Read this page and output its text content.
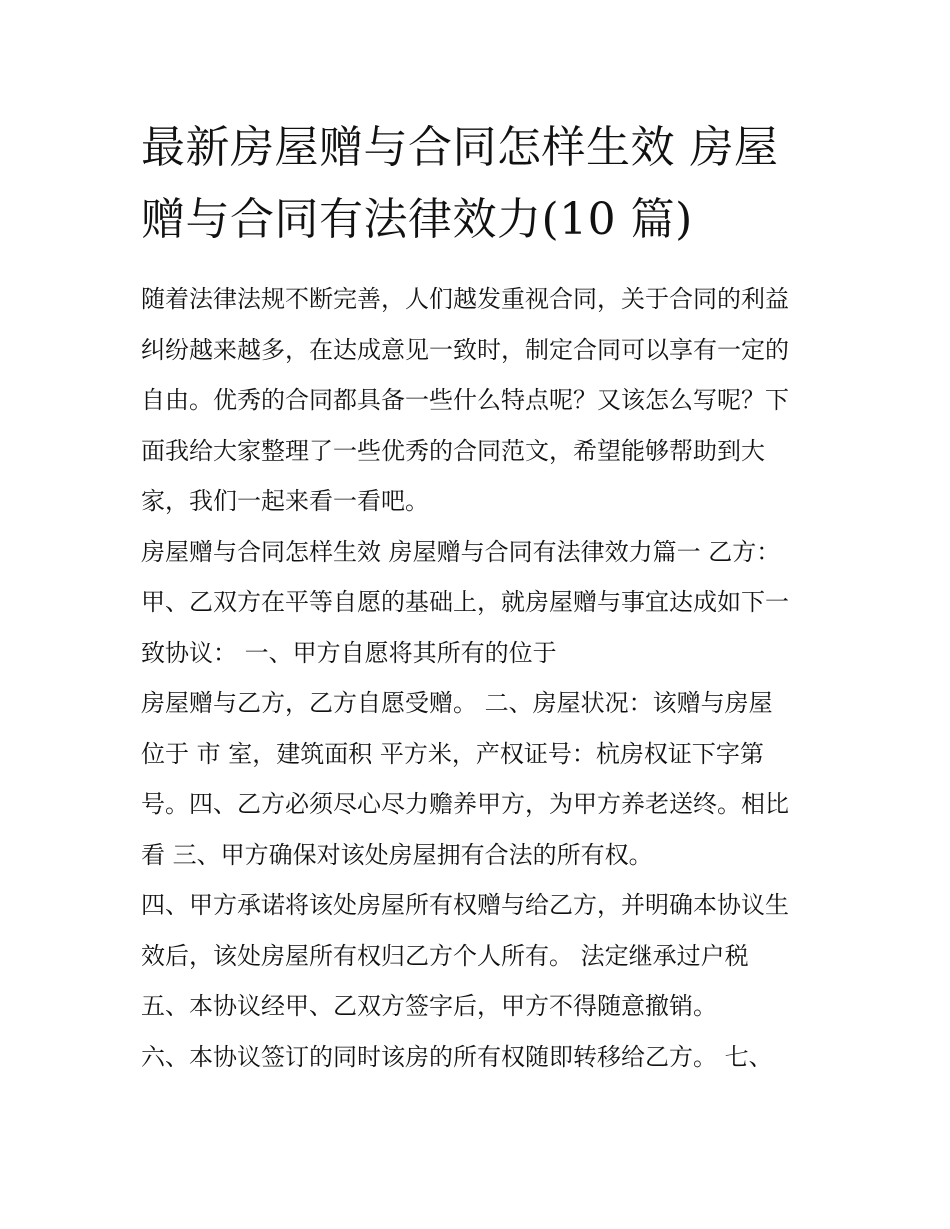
最新房屋赠与合同怎样生效 房屋赠与合同有法律效力(10 篇)

随着法律法规不断完善，人们越发重视合同，关于合同的利益
纠纷越来越多，在达成意见一致时，制定合同可以享有一定的
自由。优秀的合同都具备一些什么特点呢？又该怎么写呢？下
面我给大家整理了一些优秀的合同范文，希望能够帮助到大
家，我们一起来看一看吧。

房屋赠与合同怎样生效 房屋赠与合同有法律效力篇一 乙方：
甲、乙双方在平等自愿的基础上，就房屋赠与事宜达成如下一
致协议： 一、甲方自愿将其所有的位于

房屋赠与乙方，乙方自愿受赠。 二、房屋状况：该赠与房屋
位于 市 室，建筑面积 平方米，产权证号：杭房权证下字第
号。四、乙方必须尽心尽力赡养甲方，为甲方养老送终。相比
看 三、甲方确保对该处房屋拥有合法的所有权。

四、甲方承诺将该处房屋所有权赠与给乙方，并明确本协议生
效后，该处房屋所有权归乙方个人所有。 法定继承过户税

五、本协议经甲、乙双方签字后，甲方不得随意撤销。

六、本协议签订的同时该房的所有权随即转移给乙方。 七、
